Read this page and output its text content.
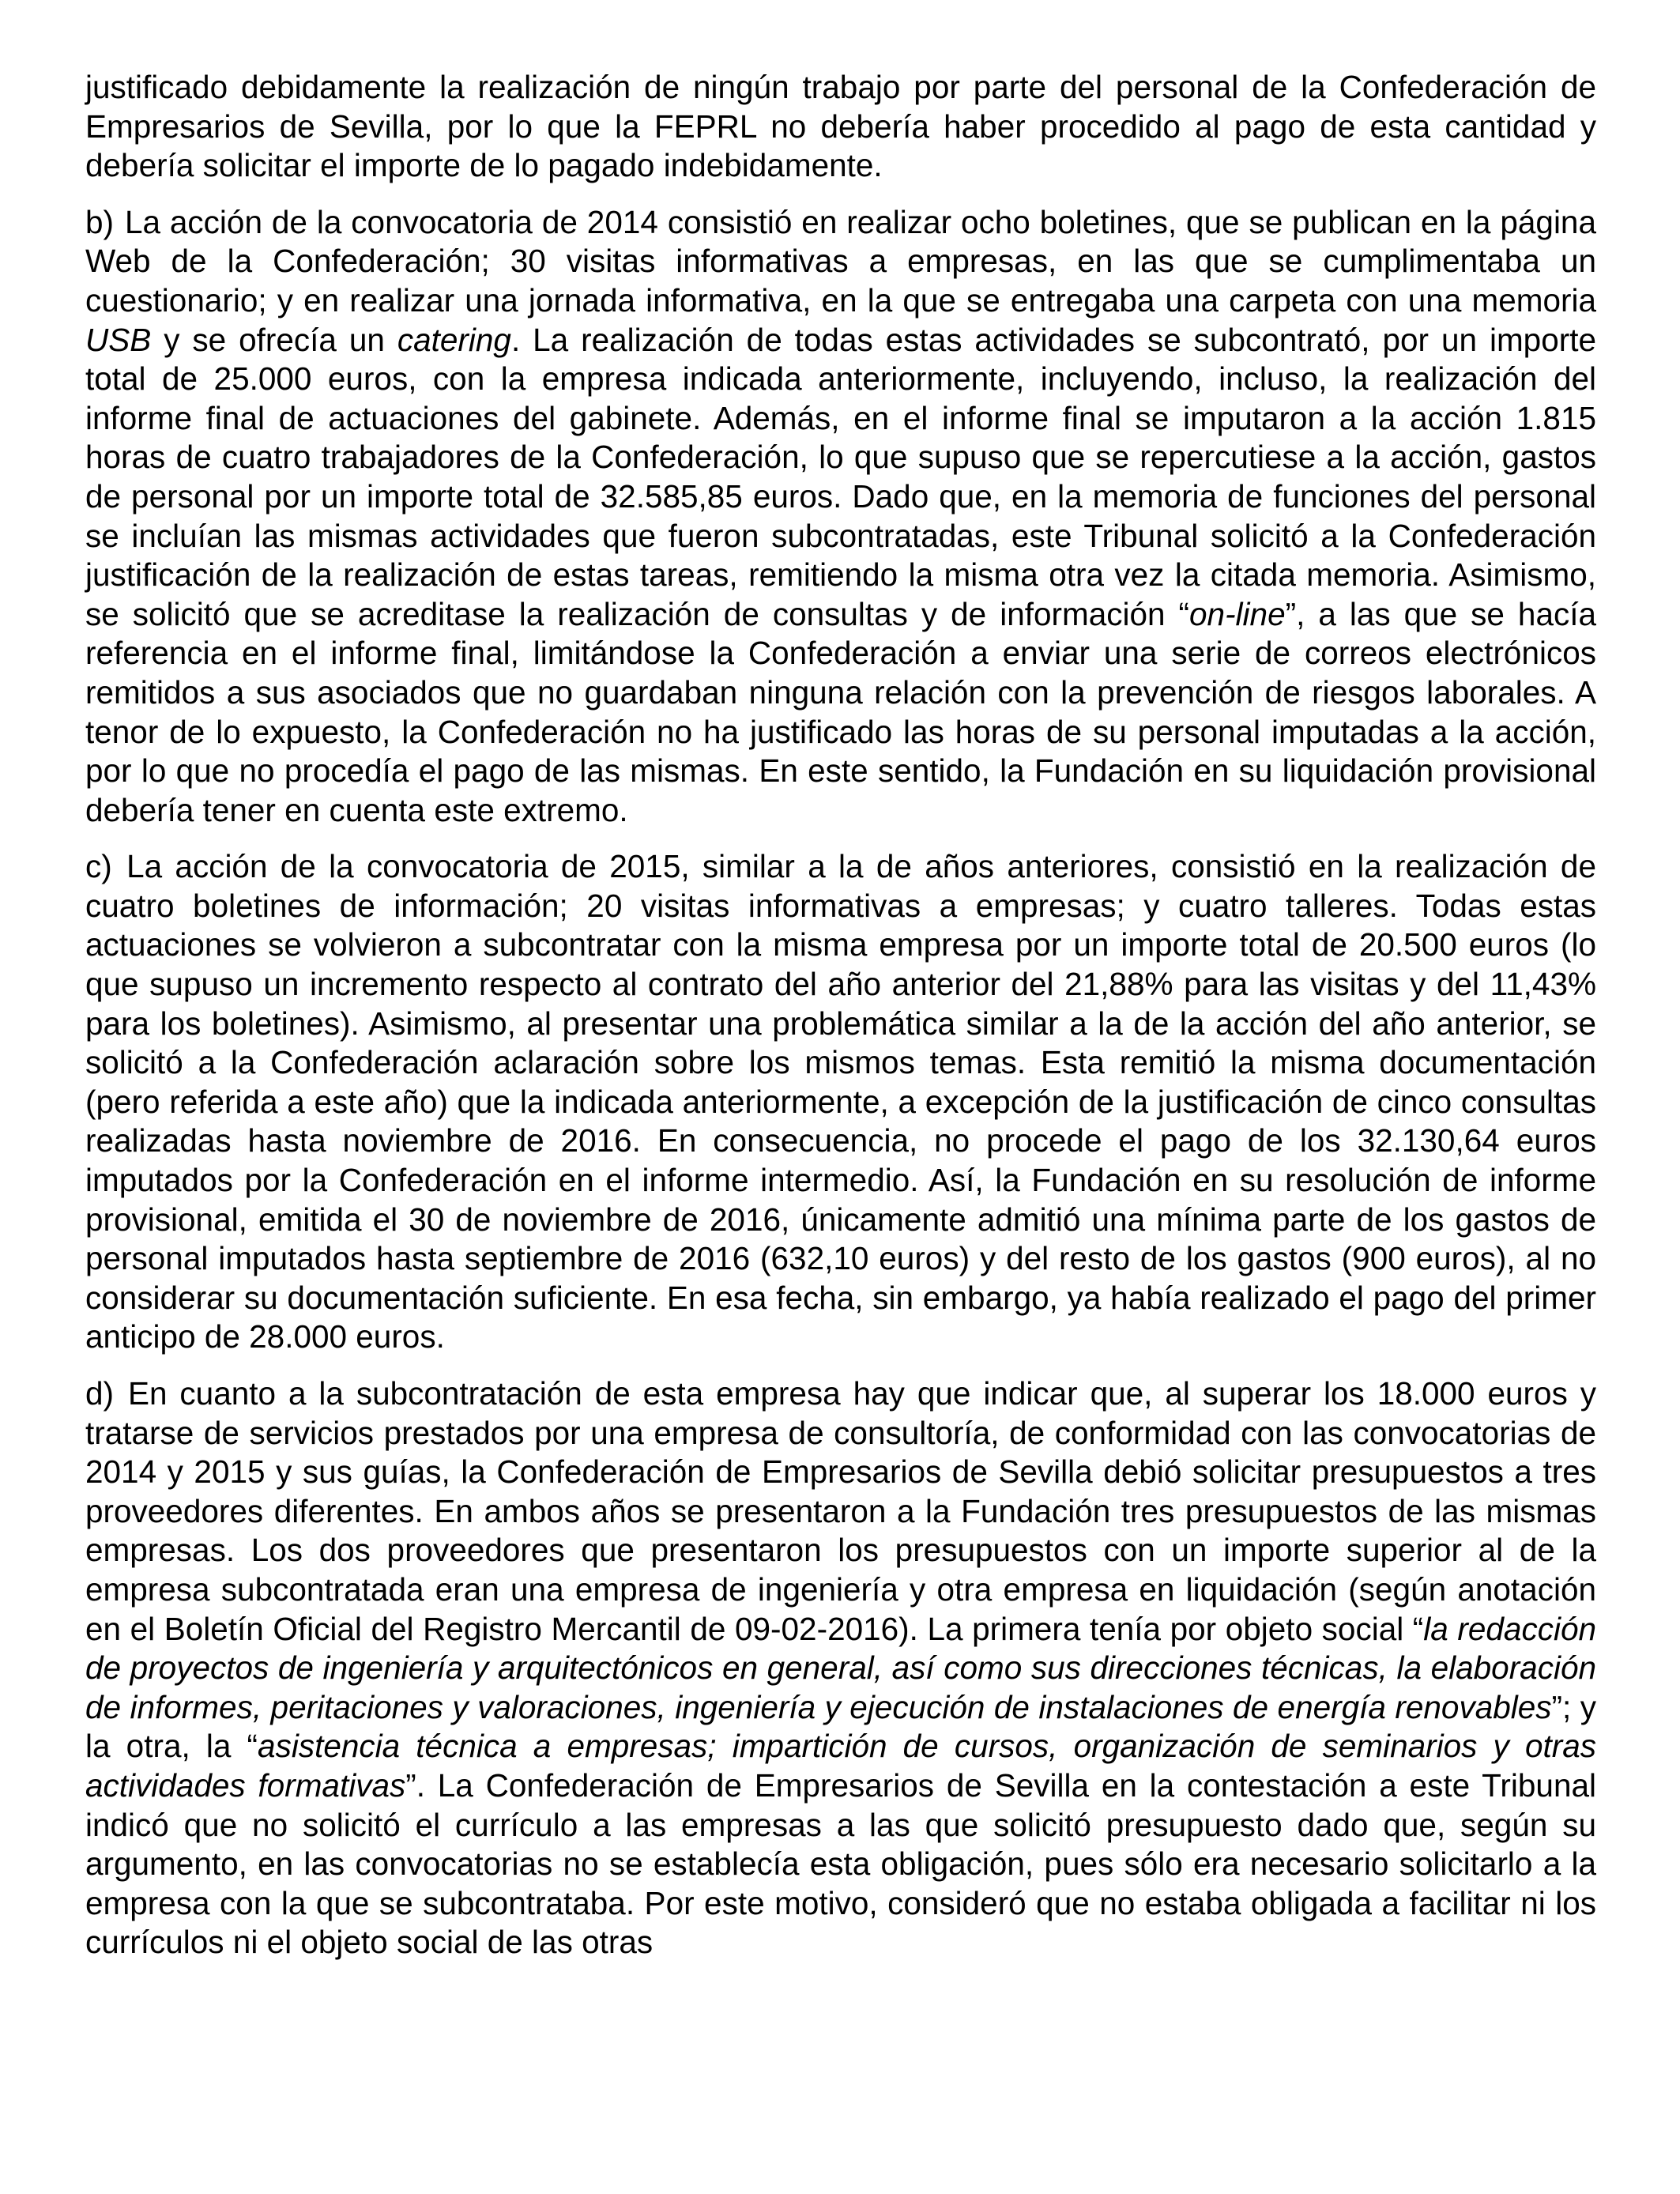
justificado debidamente la realización de ningún trabajo por parte del personal de la Confederación de Empresarios de Sevilla, por lo que la FEPRL no debería haber procedido al pago de esta cantidad y debería solicitar el importe de lo pagado indebidamente.

b) La acción de la convocatoria de 2014 consistió en realizar ocho boletines, que se publican en la página Web de la Confederación; 30 visitas informativas a empresas, en las que se cumplimentaba un cuestionario; y en realizar una jornada informativa, en la que se entregaba una carpeta con una memoria USB y se ofrecía un catering. La realización de todas estas actividades se subcontrató, por un importe total de 25.000 euros, con la empresa indicada anteriormente, incluyendo, incluso, la realización del informe final de actuaciones del gabinete. Además, en el informe final se imputaron a la acción 1.815 horas de cuatro trabajadores de la Confederación, lo que supuso que se repercutiese a la acción, gastos de personal por un importe total de 32.585,85 euros. Dado que, en la memoria de funciones del personal se incluían las mismas actividades que fueron subcontratadas, este Tribunal solicitó a la Confederación justificación de la realización de estas tareas, remitiendo la misma otra vez la citada memoria. Asimismo, se solicitó que se acreditase la realización de consultas y de información “on-line”, a las que se hacía referencia en el informe final, limitándose la Confederación a enviar una serie de correos electrónicos remitidos a sus asociados que no guardaban ninguna relación con la prevención de riesgos laborales. A tenor de lo expuesto, la Confederación no ha justificado las horas de su personal imputadas a la acción, por lo que no procedía el pago de las mismas. En este sentido, la Fundación en su liquidación provisional debería tener en cuenta este extremo.

c) La acción de la convocatoria de 2015, similar a la de años anteriores, consistió en la realización de cuatro boletines de información; 20 visitas informativas a empresas; y cuatro talleres. Todas estas actuaciones se volvieron a subcontratar con la misma empresa por un importe total de 20.500 euros (lo que supuso un incremento respecto al contrato del año anterior del 21,88% para las visitas y del 11,43% para los boletines). Asimismo, al presentar una problemática similar a la de la acción del año anterior, se solicitó a la Confederación aclaración sobre los mismos temas. Esta remitió la misma documentación (pero referida a este año) que la indicada anteriormente, a excepción de la justificación de cinco consultas realizadas hasta noviembre de 2016. En consecuencia, no procede el pago de los 32.130,64 euros imputados por la Confederación en el informe intermedio. Así, la Fundación en su resolución de informe provisional, emitida el 30 de noviembre de 2016, únicamente admitió una mínima parte de los gastos de personal imputados hasta septiembre de 2016 (632,10 euros) y del resto de los gastos (900 euros), al no considerar su documentación suficiente. En esa fecha, sin embargo, ya había realizado el pago del primer anticipo de 28.000 euros.

d) En cuanto a la subcontratación de esta empresa hay que indicar que, al superar los 18.000 euros y tratarse de servicios prestados por una empresa de consultoría, de conformidad con las convocatorias de 2014 y 2015 y sus guías, la Confederación de Empresarios de Sevilla debió solicitar presupuestos a tres proveedores diferentes. En ambos años se presentaron a la Fundación tres presupuestos de las mismas empresas. Los dos proveedores que presentaron los presupuestos con un importe superior al de la empresa subcontratada eran una empresa de ingeniería y otra empresa en liquidación (según anotación en el Boletín Oficial del Registro Mercantil de 09-02-2016). La primera tenía por objeto social “la redacción de proyectos de ingeniería y arquitectónicos en general, así como sus direcciones técnicas, la elaboración de informes, peritaciones y valoraciones, ingeniería y ejecución de instalaciones de energía renovables”; y la otra, la “asistencia técnica a empresas; impartición de cursos, organización de seminarios y otras actividades formativas”. La Confederación de Empresarios de Sevilla en la contestación a este Tribunal indicó que no solicitó el currículo a las empresas a las que solicitó presupuesto dado que, según su argumento, en las convocatorias no se establecía esta obligación, pues sólo era necesario solicitarlo a la empresa con la que se subcontrataba. Por este motivo, consideró que no estaba obligada a facilitar ni los currículos ni el objeto social de las otras
